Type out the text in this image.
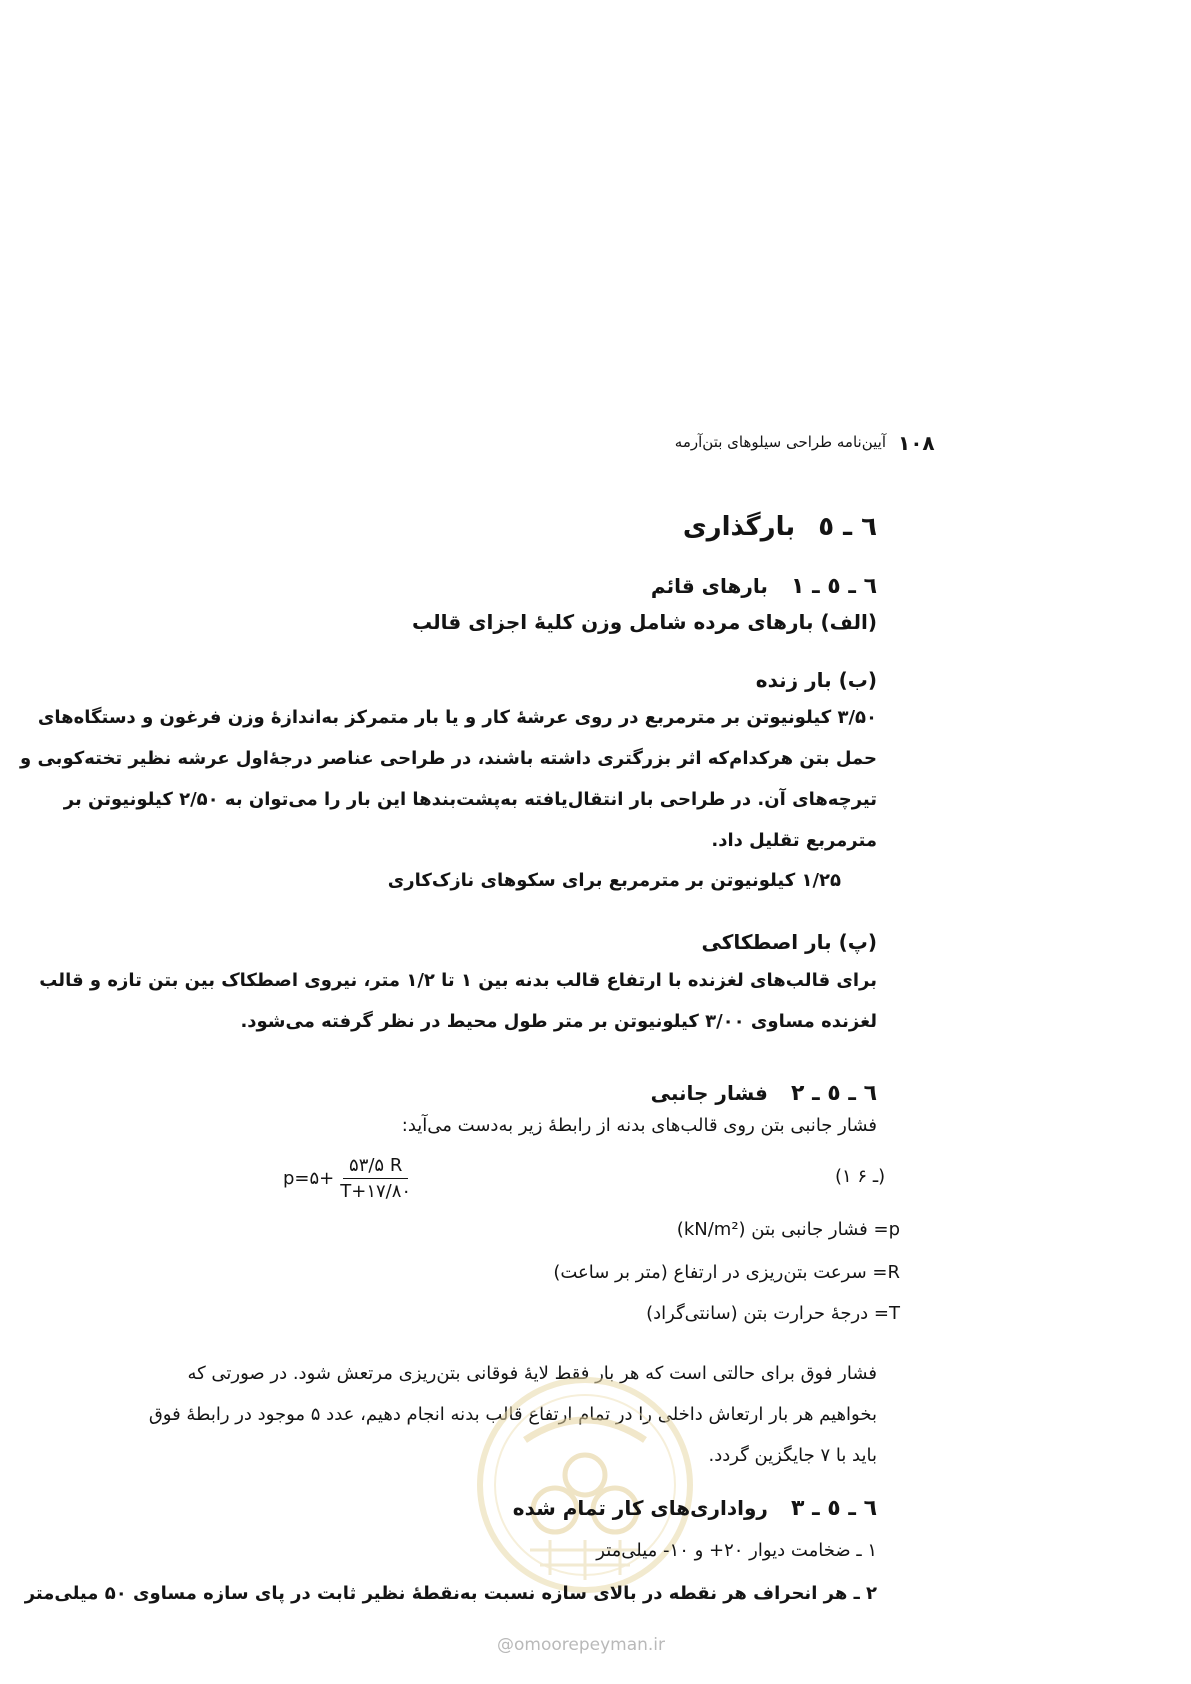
۱۰۸
آیین‌نامه طراحی سیلوهای بتن‌آرمه
٦ ـ ٥ بارگذاری
٦ ـ ٥ ـ ١ بارهای قائم
(الف) بارهای مرده شامل وزن کلیهٔ اجزای قالب
(ب) بار زنده
۳/۵۰ کیلونیوتن بر مترمربع در روی عرشهٔ کار و یا بار متمرکز به‌اندازهٔ وزن فرغون و دستگاه‌های
حمل بتن هرکدام‌که اثر بزرگتری داشته باشند، در طراحی عناصر درجهٔ‌اول عرشه نظیر تخته‌کوبی و
تیرچه‌های آن. در طراحی بار انتقال‌یافته به‌پشت‌بندها این بار را می‌توان به ۲/۵۰ کیلونیوتن بر
مترمربع تقلیل داد.
۱/۲۵ کیلونیوتن بر مترمربع برای سکوهای نازک‌کاری
(پ) بار اصطکاکی
برای قالب‌های لغزنده با ارتفاع قالب بدنه بین ۱ تا ۱/۲ متر، نیروی اصطکاک بین بتن تازه و قالب
لغزنده مساوی ۳/۰۰ کیلونیوتن بر متر طول محیط در نظر گرفته می‌شود.
٦ ـ ٥ ـ ٢ فشار جانبی
فشار جانبی بتن روی قالب‌های بدنه از رابطهٔ زیر به‌دست می‌آید:
p=۵+ $\frac{۵۳/۵ R}{T+۱۷/۸۰}$	(۱ ـ ۶)
p= فشار جانبی بتن (kN/m²)
R= سرعت بتن‌ریزی در ارتفاع (متر بر ساعت)
T= درجهٔ حرارت بتن (سانتی‌گراد)
فشار فوق برای حالتی است که هر بار فقط لایهٔ فوقانی بتن‌ریزی مرتعش شود. در صورتی که
بخواهیم هر بار ارتعاش داخلی را در تمام ارتفاع قالب بدنه انجام دهیم، عدد ۵ موجود در رابطهٔ فوق
باید با ۷ جایگزین گردد.
٦ ـ ٥ ـ ٣ رواداری‌های کار تمام شده
۱ ـ ضخامت دیوار ۲۰+ و ۱۰- میلی‌متر
۲ ـ هر انحراف هر نقطه در بالای سازه نسبت به‌نقطهٔ نظیر ثابت در پای سازه مساوی ۵۰ میلی‌متر
@omoorepeyman.ir
